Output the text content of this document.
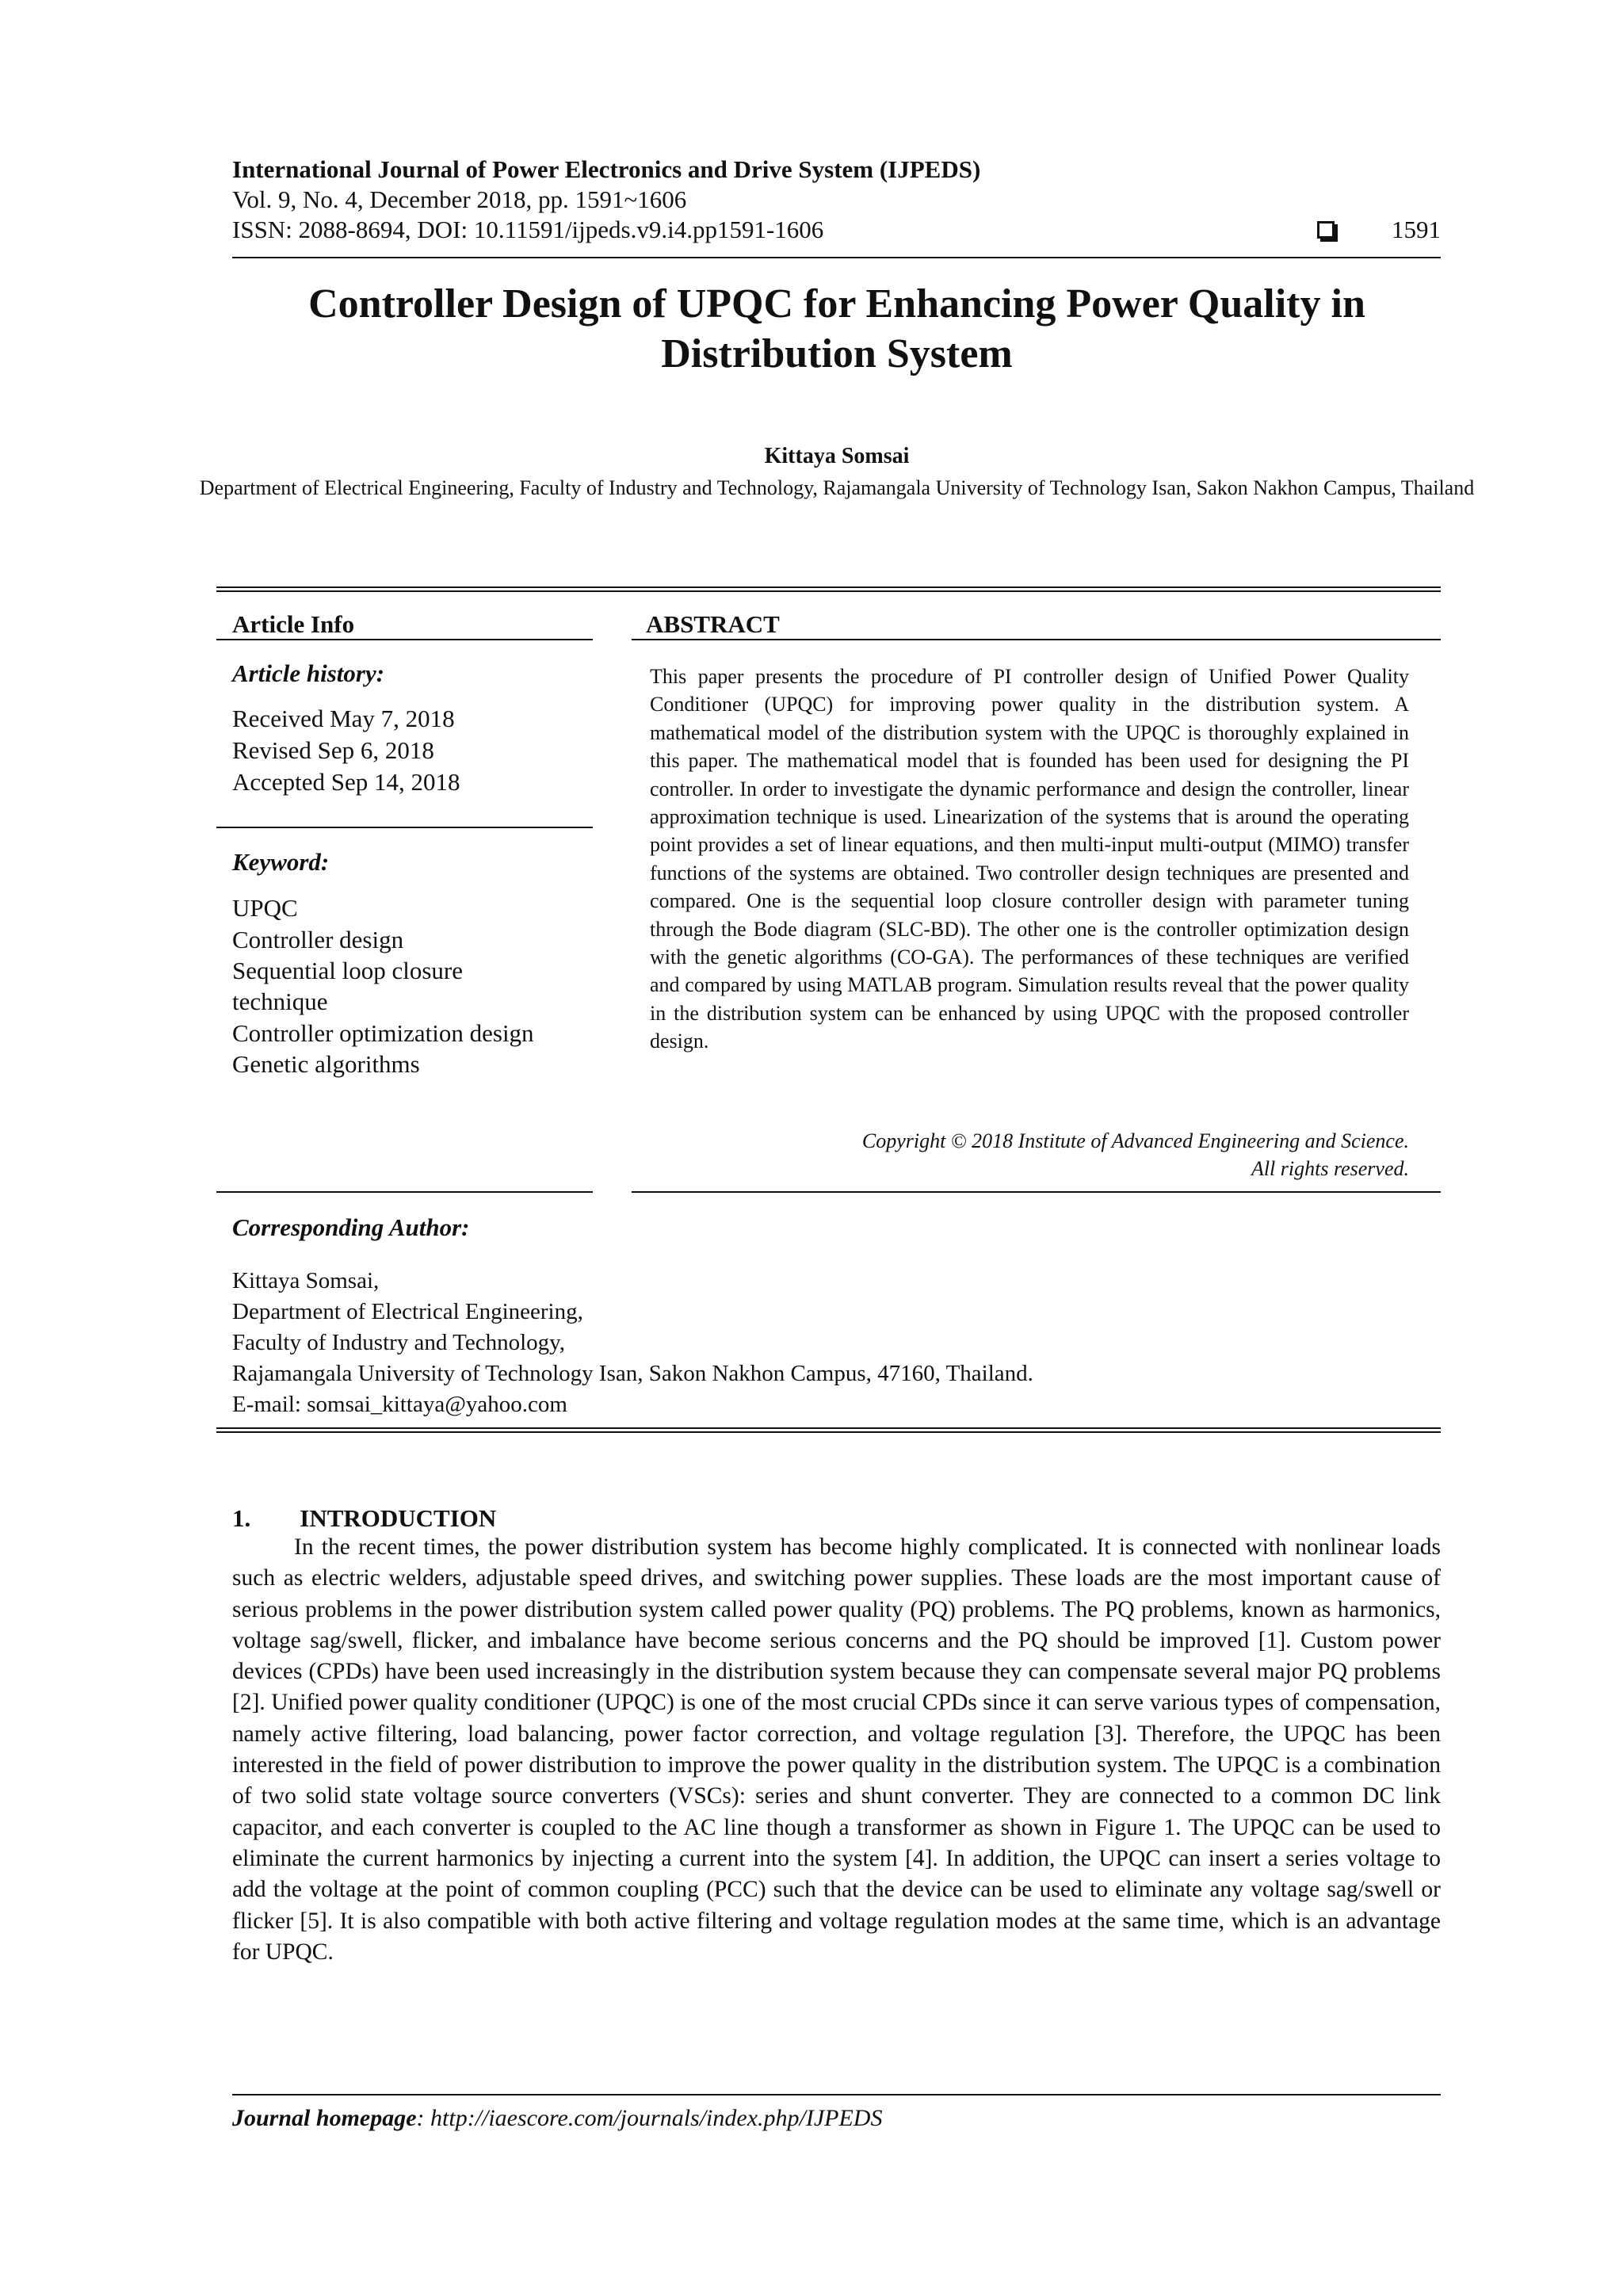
International Journal of Power Electronics and Drive System (IJPEDS)
Vol. 9, No. 4, December 2018, pp. 1591~1606
ISSN: 2088-8694, DOI: 10.11591/ijpeds.v9.i4.pp1591-1606	1591
Controller Design of UPQC for Enhancing Power Quality in Distribution System
Kittaya Somsai
Department of Electrical Engineering, Faculty of Industry and Technology, Rajamangala University of Technology Isan, Sakon Nakhon Campus, Thailand
Article Info
Article history:
Received May 7, 2018
Revised Sep 6, 2018
Accepted Sep 14, 2018
Keyword:
UPQC
Controller design
Sequential loop closure
technique
Controller optimization design
Genetic algorithms
ABSTRACT
This paper presents the procedure of PI controller design of Unified Power Quality Conditioner (UPQC) for improving power quality in the distribution system. A mathematical model of the distribution system with the UPQC is thoroughly explained in this paper. The mathematical model that is founded has been used for designing the PI controller. In order to investigate the dynamic performance and design the controller, linear approximation technique is used. Linearization of the systems that is around the operating point provides a set of linear equations, and then multi-input multi-output (MIMO) transfer functions of the systems are obtained. Two controller design techniques are presented and compared. One is the sequential loop closure controller design with parameter tuning through the Bode diagram (SLC-BD). The other one is the controller optimization design with the genetic algorithms (CO-GA). The performances of these techniques are verified and compared by using MATLAB program. Simulation results reveal that the power quality in the distribution system can be enhanced by using UPQC with the proposed controller design.
Copyright © 2018 Institute of Advanced Engineering and Science.
All rights reserved.
Corresponding Author:
Kittaya Somsai,
Department of Electrical Engineering,
Faculty of Industry and Technology,
Rajamangala University of Technology Isan, Sakon Nakhon Campus, 47160, Thailand.
E-mail: somsai_kittaya@yahoo.com
1.  INTRODUCTION

In the recent times, the power distribution system has become highly complicated. It is connected with nonlinear loads such as electric welders, adjustable speed drives, and switching power supplies. These loads are the most important cause of serious problems in the power distribution system called power quality (PQ) problems. The PQ problems, known as harmonics, voltage sag/swell, flicker, and imbalance have become serious concerns and the PQ should be improved [1]. Custom power devices (CPDs) have been used increasingly in the distribution system because they can compensate several major PQ problems [2]. Unified power quality conditioner (UPQC) is one of the most crucial CPDs since it can serve various types of compensation, namely active filtering, load balancing, power factor correction, and voltage regulation [3]. Therefore, the UPQC has been interested in the field of power distribution to improve the power quality in the distribution system. The UPQC is a combination of two solid state voltage source converters (VSCs): series and shunt converter. They are connected to a common DC link capacitor, and each converter is coupled to the AC line though a transformer as shown in Figure 1. The UPQC can be used to eliminate the current harmonics by injecting a current into the system [4]. In addition, the UPQC can insert a series voltage to add the voltage at the point of common coupling (PCC) such that the device can be used to eliminate any voltage sag/swell or flicker [5]. It is also compatible with both active filtering and voltage regulation modes at the same time, which is an advantage for UPQC.

Journal homepage: http://iaescore.com/journals/index.php/IJPEDS
